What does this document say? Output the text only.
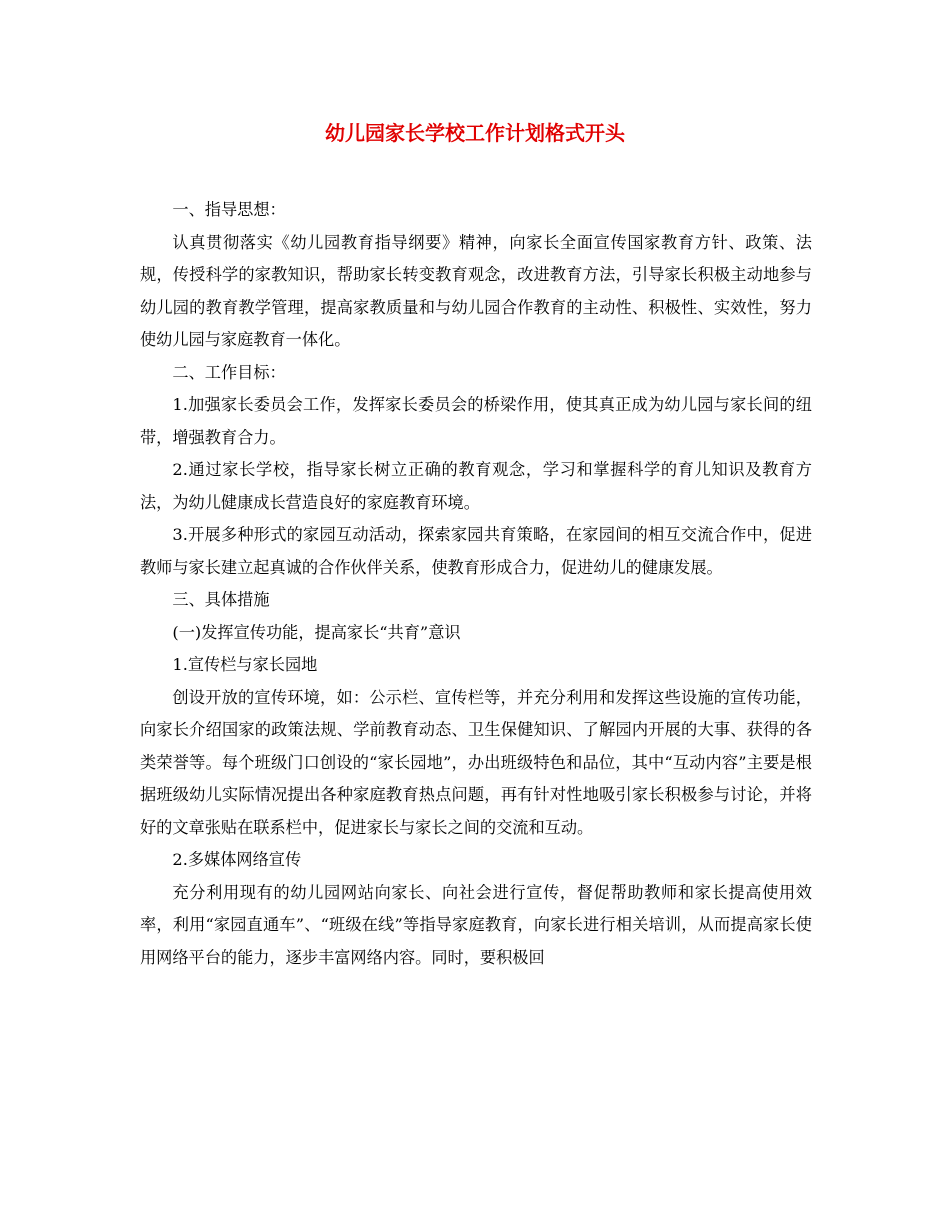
幼儿园家长学校工作计划格式开头

一、指导思想：

认真贯彻落实《幼儿园教育指导纲要》精神，向家长全面宣传国家教育方针、政策、法规，传授科学的家教知识，帮助家长转变教育观念，改进教育方法，引导家长积极主动地参与幼儿园的教育教学管理，提高家教质量和与幼儿园合作教育的主动性、积极性、实效性，努力使幼儿园与家庭教育一体化。

二、工作目标：

1.加强家长委员会工作，发挥家长委员会的桥梁作用，使其真正成为幼儿园与家长间的纽带，增强教育合力。

2.通过家长学校，指导家长树立正确的教育观念，学习和掌握科学的育儿知识及教育方法，为幼儿健康成长营造良好的家庭教育环境。

3.开展多种形式的家园互动活动，探索家园共育策略，在家园间的相互交流合作中，促进教师与家长建立起真诚的合作伙伴关系，使教育形成合力，促进幼儿的健康发展。

三、具体措施

(一)发挥宣传功能，提高家长“共育”意识

1.宣传栏与家长园地

创设开放的宣传环境，如：公示栏、宣传栏等，并充分利用和发挥这些设施的宣传功能，向家长介绍国家的政策法规、学前教育动态、卫生保健知识、了解园内开展的大事、获得的各类荣誉等。每个班级门口创设的“家长园地”，办出班级特色和品位，其中“互动内容”主要是根据班级幼儿实际情况提出各种家庭教育热点问题，再有针对性地吸引家长积极参与讨论，并将好的文章张贴在联系栏中，促进家长与家长之间的交流和互动。

2.多媒体网络宣传

充分利用现有的幼儿园网站向家长、向社会进行宣传，督促帮助教师和家长提高使用效率，利用“家园直通车”、“班级在线”等指导家庭教育，向家长进行相关培训，从而提高家长使用网络平台的能力，逐步丰富网络内容。同时，要积极回
